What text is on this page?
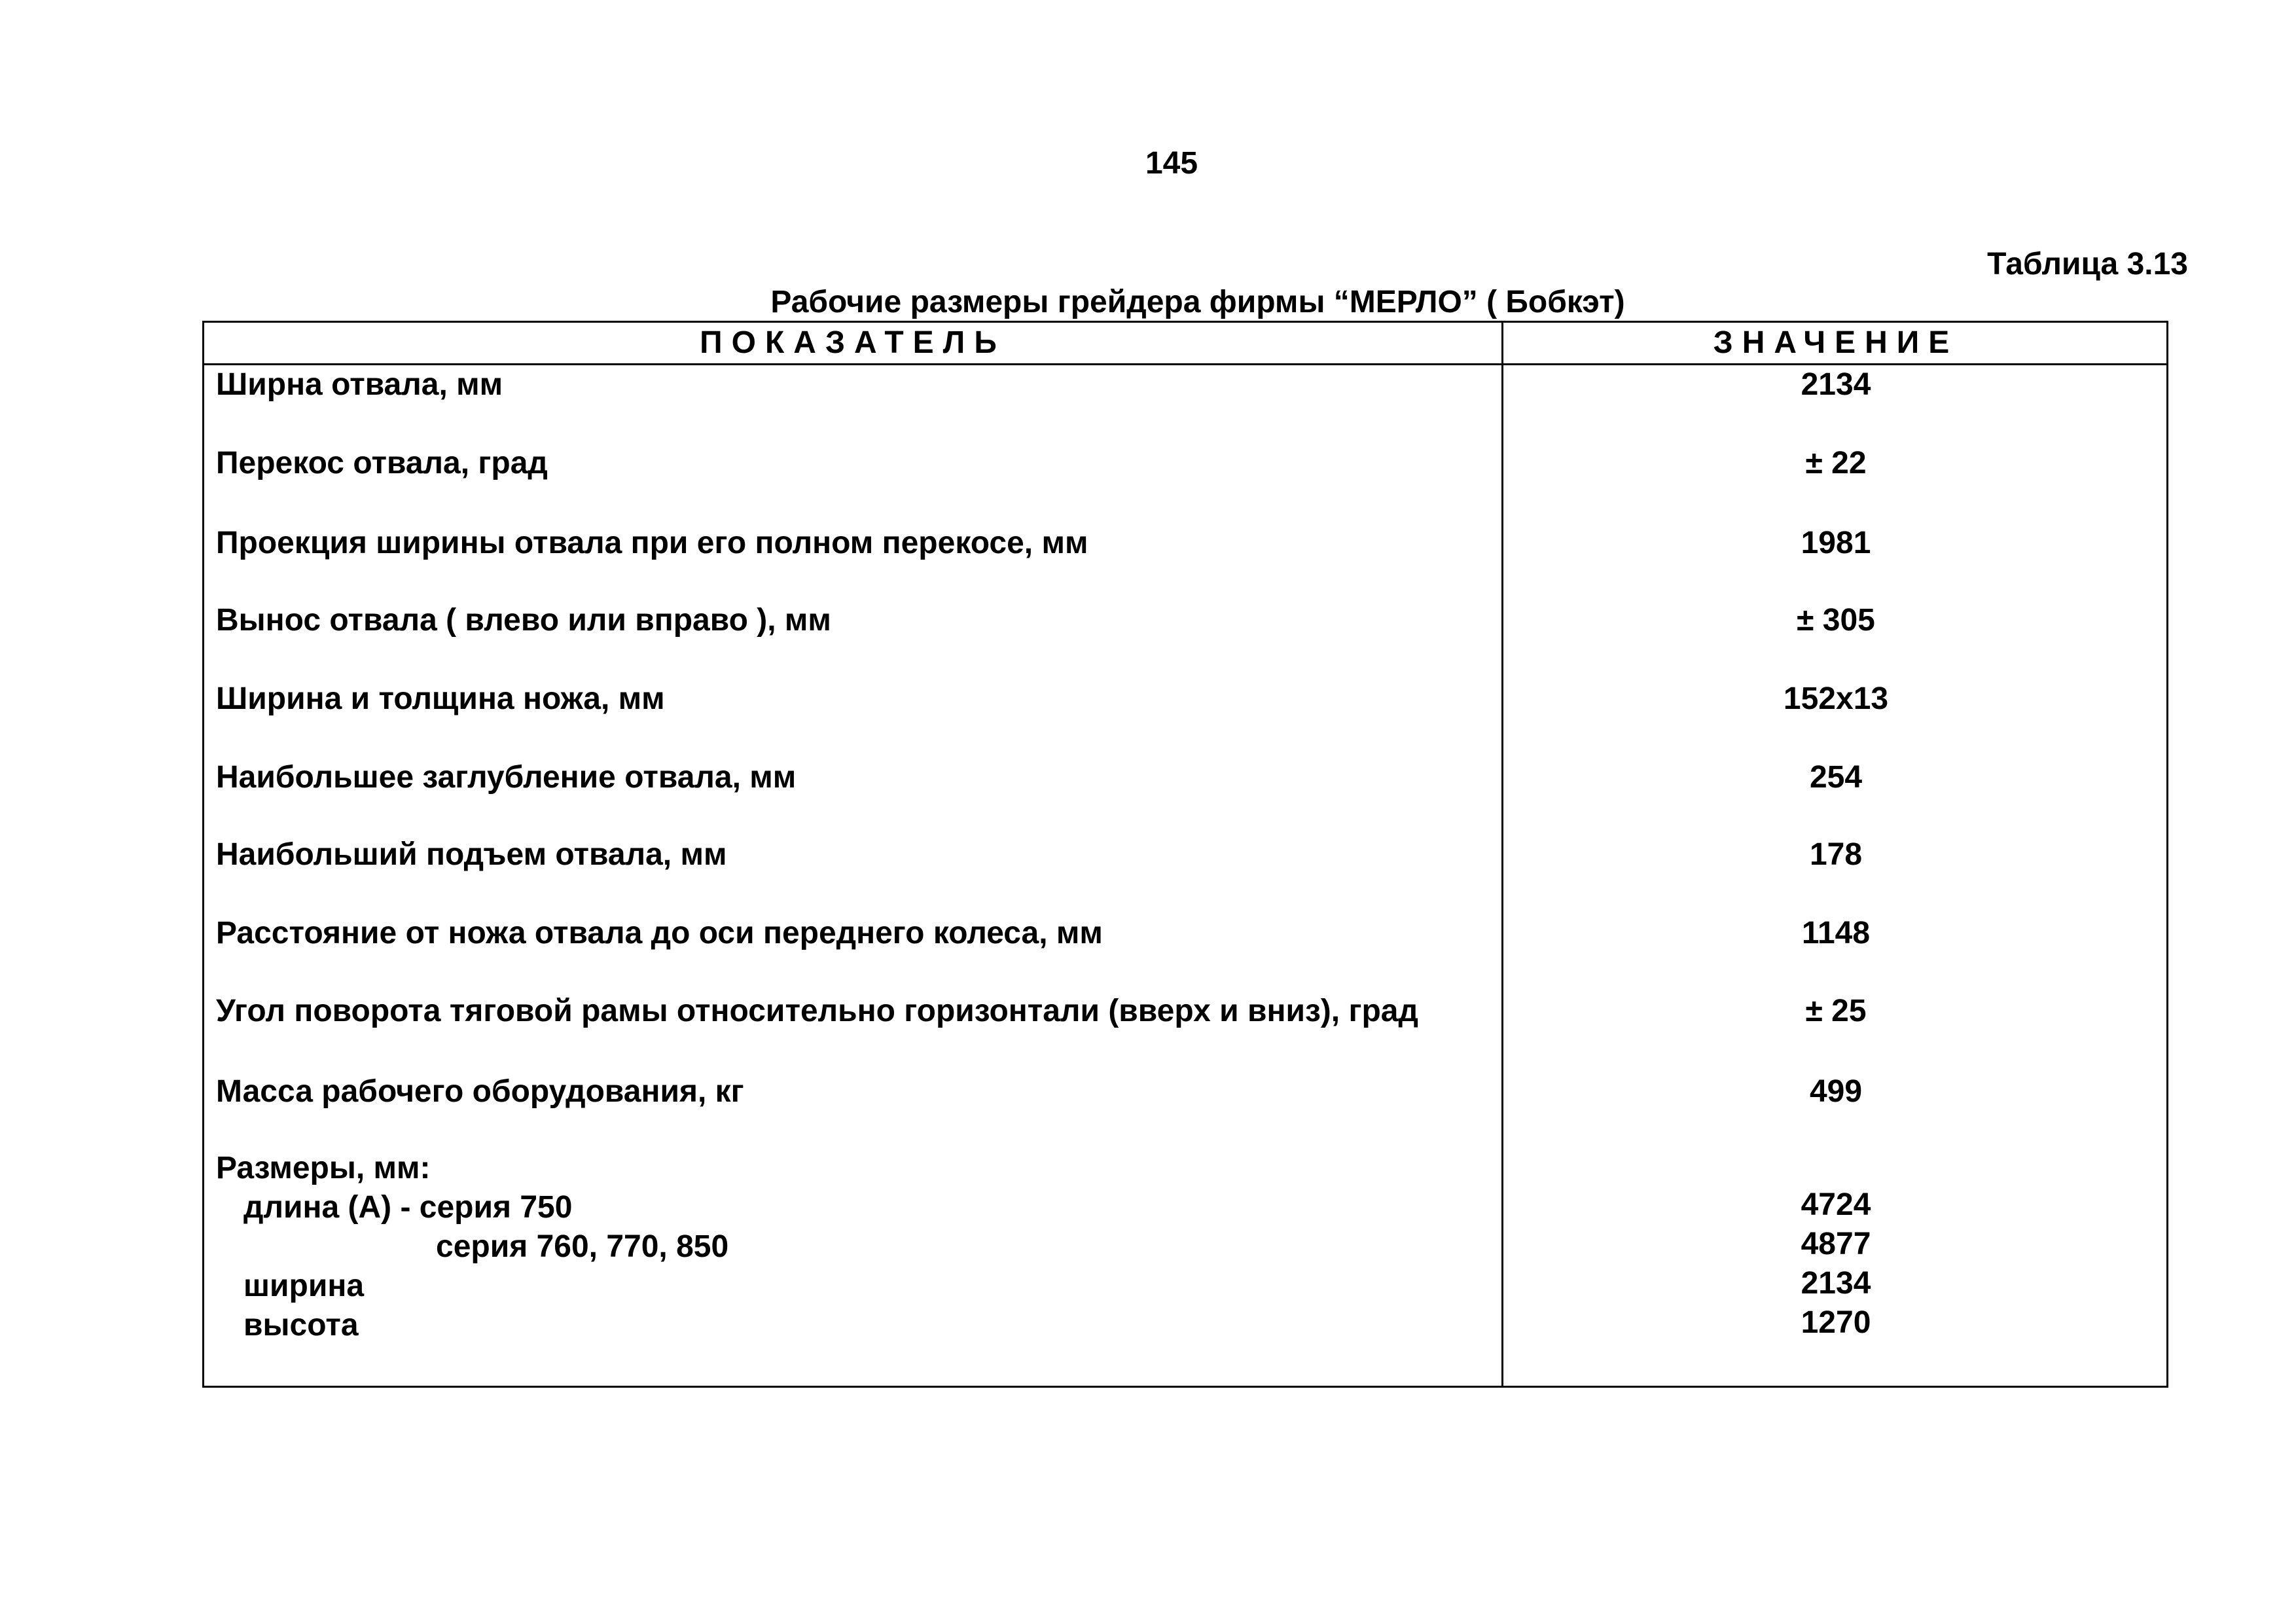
145
Таблица 3.13
Рабочие размеры грейдера фирмы “МЕРЛО” ( Бобкэт)
ПОКАЗАТЕЛЬ	ЗНАЧЕНИЕ
Ширна отвала, мм	2134
Перекос отвала, град	± 22
Проекция ширины отвала при его полном перекосе, мм	1981
Вынос отвала ( влево или вправо ), мм	± 305
Ширина и толщина ножа, мм	152х13
Наибольшее заглубление отвала, мм	254
Наибольший подъем отвала, мм	178
Расстояние от ножа отвала до оси переднего колеса, мм	1148
Угол поворота тяговой рамы относительно горизонтали (вверх и вниз), град	± 25
Масса рабочего оборудования, кг	499
Размеры, мм:
длина (А) - серия 750	4724
серия 760, 770, 850	4877
ширина	2134
высота	1270
